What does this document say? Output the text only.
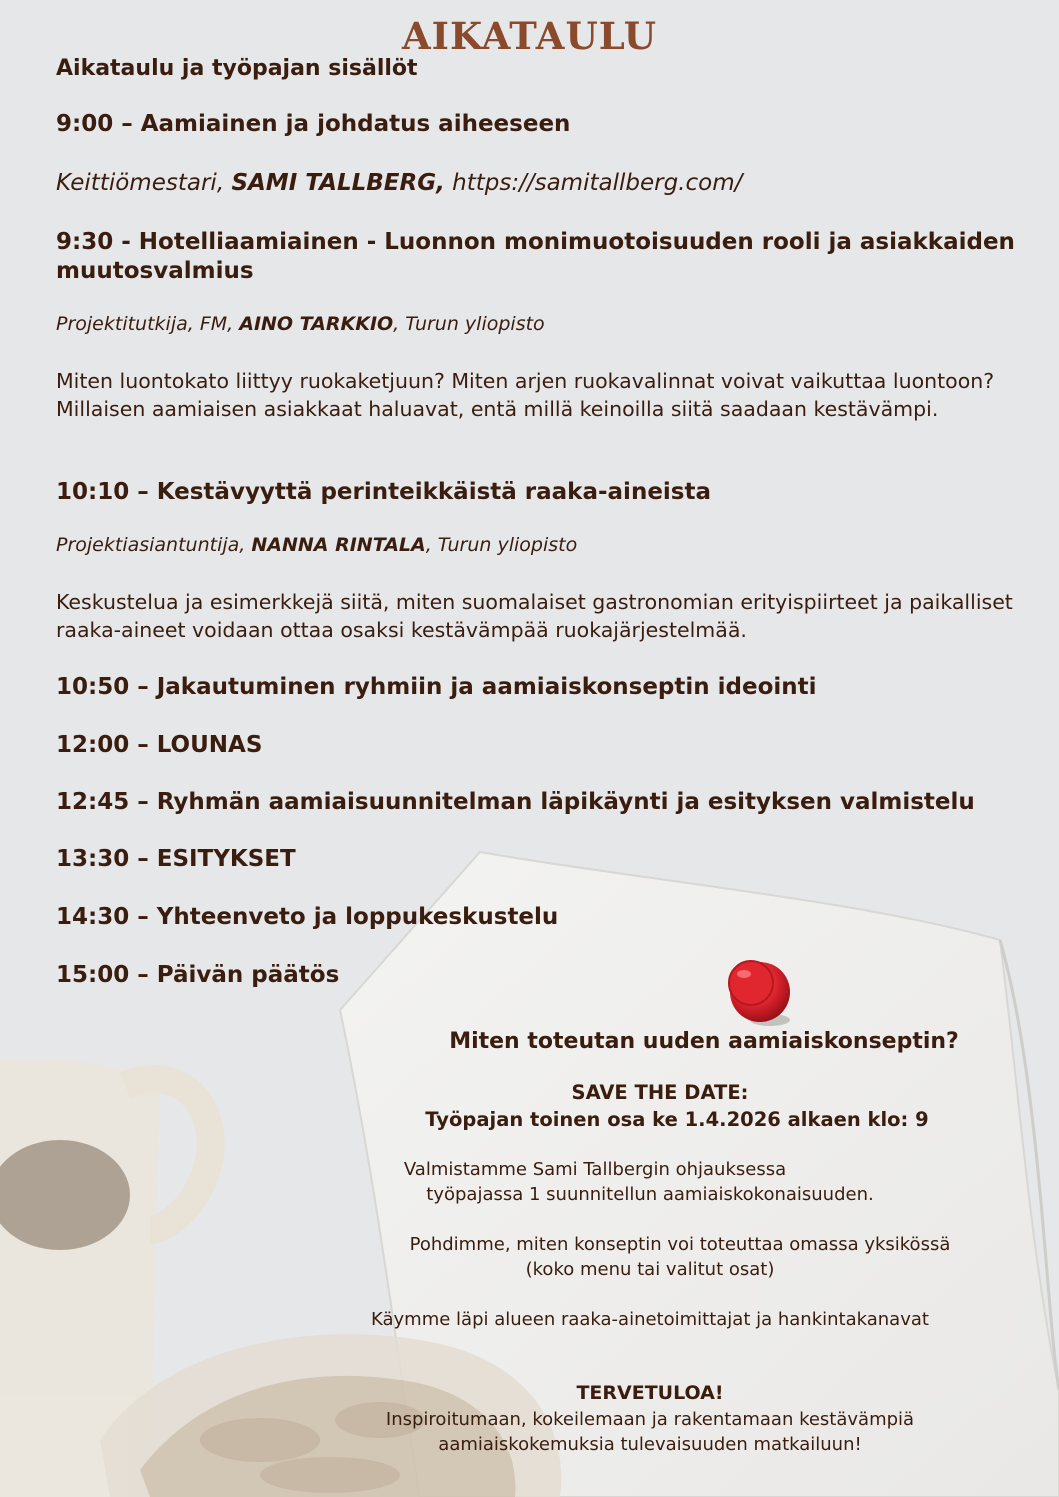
AIKATAULU
Aikataulu ja työpajan sisällöt
9:00 – Aamiainen ja johdatus aiheeseen
Keittiömestari, SAMI TALLBERG, https://samitallberg.com/
9:30 - Hotelliaamiainen - Luonnon monimuotoisuuden rooli ja asiakkaiden
muutosvalmius
Projektitutkija, FM, AINO TARKKIO, Turun yliopisto
Miten luontokato liittyy ruokaketjuun? Miten arjen ruokavalinnat voivat vaikuttaa luontoon? Millaisen aamiaisen asiakkaat haluavat, entä millä keinoilla siitä saadaan kestävämpi.
10:10 – Kestävyyttä perinteikkäistä raaka-aineista
Projektiasiantuntija, NANNA RINTALA, Turun yliopisto
Keskustelua ja esimerkkejä siitä, miten suomalaiset gastronomian erityispiirteet ja paikalliset raaka-aineet voidaan ottaa osaksi kestävämpää ruokajärjestelmää.
10:50 – Jakautuminen ryhmiin ja aamiaiskonseptin ideointi
12:00 – LOUNAS
12:45 – Ryhmän aamiaisuunnitelman läpikäynti ja esityksen valmistelu
13:30 – ESITYKSET
14:30 – Yhteenveto ja loppukeskustelu
15:00 – Päivän päätös
Miten toteutan uuden aamiaiskonseptin?
SAVE THE DATE:
Työpajan toinen osa ke 1.4.2026 alkaen klo: 9
Valmistamme Sami Tallbergin ohjauksessa
työpajassa 1 suunnitellun aamiaiskokonaisuuden.
Pohdimme, miten konseptin voi toteuttaa omassa yksikössä
(koko menu tai valitut osat)
Käymme läpi alueen raaka-ainetoimittajat ja hankintakanavat
TERVETULOA!
Inspiroitumaan, kokeilemaan ja rakentamaan kestävämpiä
aamiaiskokemuksia tulevaisuuden matkailuun!
